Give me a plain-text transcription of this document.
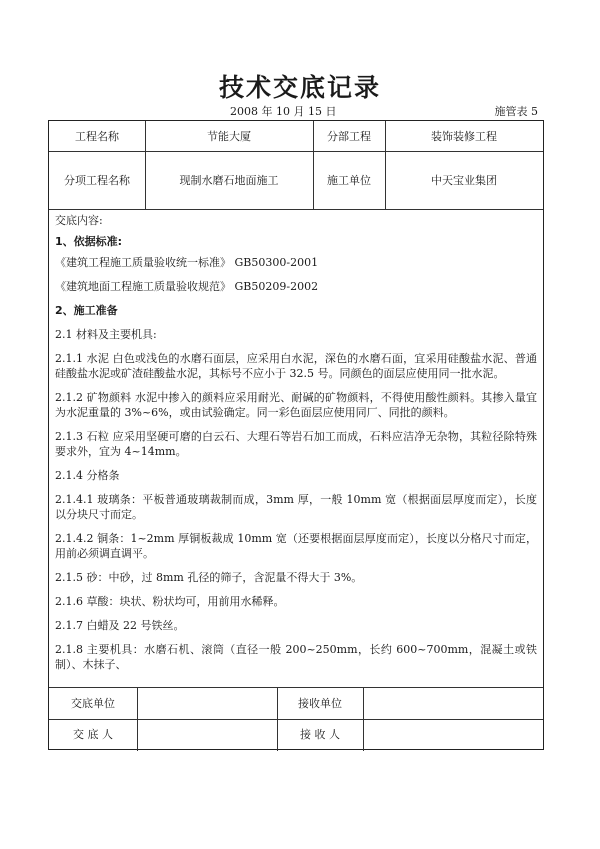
技术交底记录
2008 年 10 月 15 日	施管表 5
工程名称	节能大厦	分部工程	装饰装修工程
分项工程名称	现制水磨石地面施工	施工单位	中天宝业集团

交底内容:

1、依据标准:

《建筑工程施工质量验收统一标准》 GB50300-2001

《建筑地面工程施工质量验收规范》 GB50209-2002

2、施工准备

2.1 材料及主要机具:

2.1.1 水泥 白色或浅色的水磨石面层，应采用白水泥，深色的水磨石面，宜采用硅酸盐水泥、普通硅酸盐水泥或矿渣硅酸盐水泥，其标号不应小于 32.5 号。同颜色的面层应使用同一批水泥。

2.1.2 矿物颜料 水泥中掺入的颜料应采用耐光、耐碱的矿物颜料，不得使用酸性颜料。其掺入量宜为水泥重量的 3%~6%，或由试验确定。同一彩色面层应使用同厂、同批的颜料。

2.1.3 石粒 应采用坚硬可磨的白云石、大理石等岩石加工而成，石料应洁净无杂物，其粒径除特殊要求外，宜为 4~14mm。

2.1.4 分格条

2.1.4.1 玻璃条：平板普通玻璃裁制而成，3mm 厚，一般 10mm 宽（根据面层厚度而定），长度以分块尺寸而定。

2.1.4.2 铜条：1~2mm 厚铜板裁成 10mm 宽（还要根据面层厚度而定），长度以分格尺寸而定，用前必须调直调平。

2.1.5 砂：中砂，过 8mm 孔径的筛子，含泥量不得大于 3%。

2.1.6 草酸：块状、粉状均可，用前用水稀释。

2.1.7 白蜡及 22 号铁丝。

2.1.8 主要机具：水磨石机、滚筒（直径一般 200~250mm，长约 600~700mm，混凝土或铁制）、木抹子、

交底单位	接收单位
交 底 人	接 收 人
